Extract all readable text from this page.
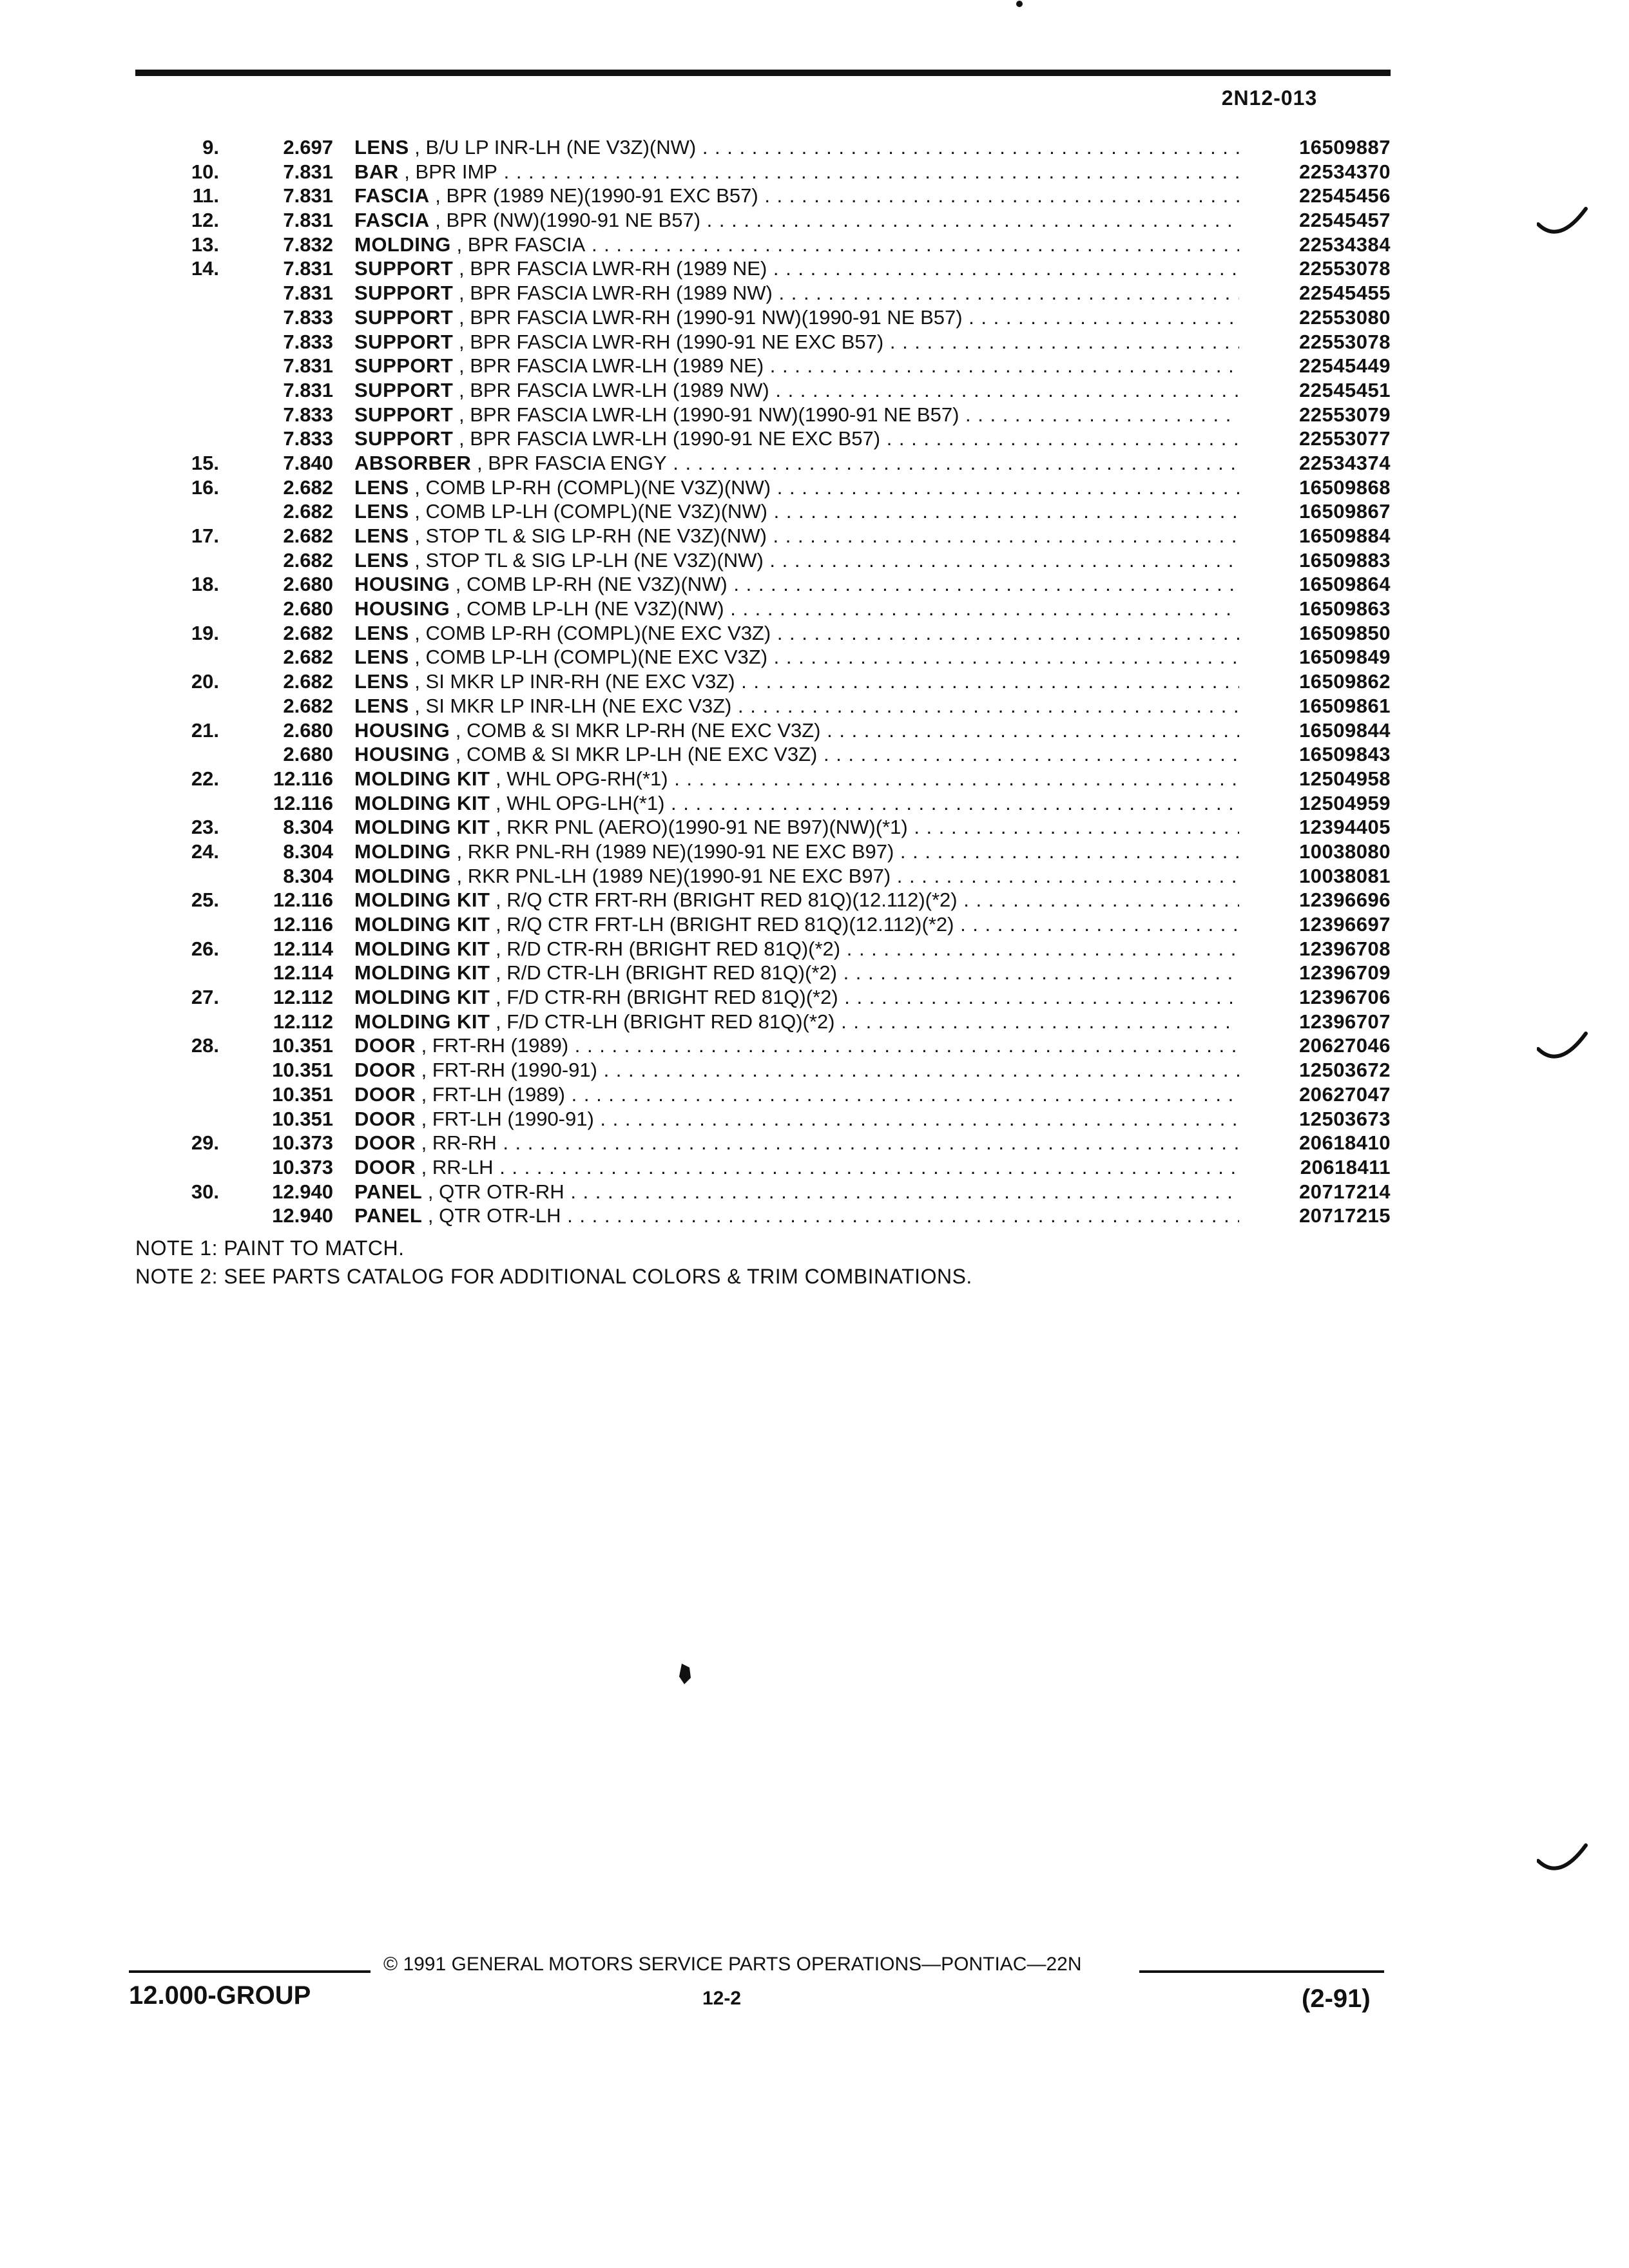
2N12-013
9.	2.697 LENS , B/U LP INR-LH (NE V3Z)(NW) . . .	16509887
10.	7.831 BAR , BPR IMP . . .	22534370
11.	7.831 FASCIA , BPR (1989 NE)(1990-91 EXC B57) . . .	22545456
12.	7.831 FASCIA , BPR (NW)(1990-91 NE B57) . . .	22545457
13.	7.832 MOLDING , BPR FASCIA . . .	22534384
14.	7.831 SUPPORT , BPR FASCIA LWR-RH (1989 NE) . . .	22553078
7.831 SUPPORT , BPR FASCIA LWR-RH (1989 NW) . . .	22545455
7.833 SUPPORT , BPR FASCIA LWR-RH (1990-91 NW)(1990-91 NE B57) . . .	22553080
7.833 SUPPORT , BPR FASCIA LWR-RH (1990-91 NE EXC B57) . . .	22553078
7.831 SUPPORT , BPR FASCIA LWR-LH (1989 NE) . . .	22545449
7.831 SUPPORT , BPR FASCIA LWR-LH (1989 NW) . . .	22545451
7.833 SUPPORT , BPR FASCIA LWR-LH (1990-91 NW)(1990-91 NE B57) . . .	22553079
7.833 SUPPORT , BPR FASCIA LWR-LH (1990-91 NE EXC B57) . . .	22553077
15.	7.840 ABSORBER , BPR FASCIA ENGY . . .	22534374
16.	2.682 LENS , COMB LP-RH (COMPL)(NE V3Z)(NW) . . .	16509868
2.682 LENS , COMB LP-LH (COMPL)(NE V3Z)(NW) . . .	16509867
17.	2.682 LENS , STOP TL & SIG LP-RH (NE V3Z)(NW) . . .	16509884
2.682 LENS , STOP TL & SIG LP-LH (NE V3Z)(NW) . . .	16509883
18.	2.680 HOUSING , COMB LP-RH (NE V3Z)(NW) . . .	16509864
2.680 HOUSING , COMB LP-LH (NE V3Z)(NW) . . .	16509863
19.	2.682 LENS , COMB LP-RH (COMPL)(NE EXC V3Z) . . .	16509850
2.682 LENS , COMB LP-LH (COMPL)(NE EXC V3Z) . . .	16509849
20.	2.682 LENS , SI MKR LP INR-RH (NE EXC V3Z) . . .	16509862
2.682 LENS , SI MKR LP INR-LH (NE EXC V3Z) . . .	16509861
21.	2.680 HOUSING , COMB & SI MKR LP-RH (NE EXC V3Z) . . .	16509844
2.680 HOUSING , COMB & SI MKR LP-LH (NE EXC V3Z) . . .	16509843
22.	12.116 MOLDING KIT , WHL OPG-RH(*1) . . .	12504958
12.116 MOLDING KIT , WHL OPG-LH(*1) . . .	12504959
23.	8.304 MOLDING KIT , RKR PNL (AERO)(1990-91 NE B97)(NW)(*1) . . .	12394405
24.	8.304 MOLDING , RKR PNL-RH (1989 NE)(1990-91 NE EXC B97) . . .	10038080
8.304 MOLDING , RKR PNL-LH (1989 NE)(1990-91 NE EXC B97) . . .	10038081
25.	12.116 MOLDING KIT , R/Q CTR FRT-RH (BRIGHT RED 81Q)(12.112)(*2) . . .	12396696
12.116 MOLDING KIT , R/Q CTR FRT-LH (BRIGHT RED 81Q)(12.112)(*2) . . .	12396697
26.	12.114 MOLDING KIT , R/D CTR-RH (BRIGHT RED 81Q)(*2) . . .	12396708
12.114 MOLDING KIT , R/D CTR-LH (BRIGHT RED 81Q)(*2) . . .	12396709
27.	12.112 MOLDING KIT , F/D CTR-RH (BRIGHT RED 81Q)(*2) . . .	12396706
12.112 MOLDING KIT , F/D CTR-LH (BRIGHT RED 81Q)(*2) . . .	12396707
28.	10.351 DOOR , FRT-RH (1989) . . .	20627046
10.351 DOOR , FRT-RH (1990-91) . . .	12503672
10.351 DOOR , FRT-LH (1989) . . .	20627047
10.351 DOOR , FRT-LH (1990-91) . . .	12503673
29.	10.373 DOOR , RR-RH . . .	20618410
10.373 DOOR , RR-LH . . .	20618411
30.	12.940 PANEL , QTR OTR-RH . . .	20717214
12.940 PANEL , QTR OTR-LH . . .	20717215
NOTE 1: PAINT TO MATCH.
NOTE 2: SEE PARTS CATALOG FOR ADDITIONAL COLORS & TRIM COMBINATIONS.
© 1991 GENERAL MOTORS SERVICE PARTS OPERATIONS—PONTIAC—22N
12.000-GROUP	12-2	(2-91)
